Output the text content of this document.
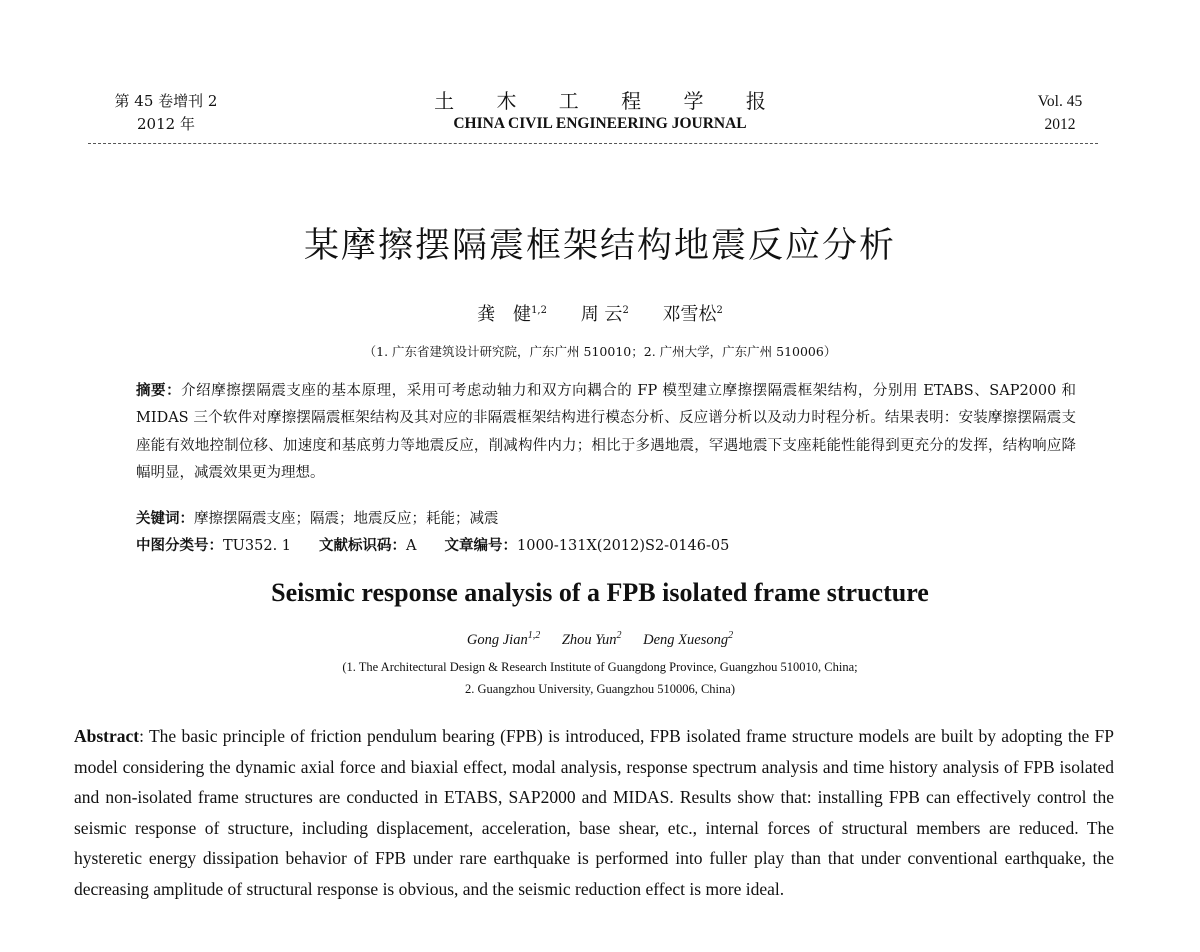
第 45 卷增刊 2
2012 年
土 木 工 程 学 报
CHINA CIVIL ENGINEERING JOURNAL
Vol. 45
2012
某摩擦摆隔震框架结构地震反应分析
龚　健$^{1,2}$ 周 云$^2$ 邓雪松$^2$
（1. 广东省建筑设计研究院，广东广州 510010；2. 广州大学，广东广州 510006）
摘要：介绍摩擦摆隔震支座的基本原理，采用可考虑动轴力和双方向耦合的 FP 模型建立摩擦摆隔震框架结构，分别用 ETABS、SAP2000 和 MIDAS 三个软件对摩擦摆隔震框架结构及其对应的非隔震框架结构进行模态分析、反应谱分析以及动力时程分析。结果表明：安装摩擦摆隔震支座能有效地控制位移、加速度和基底剪力等地震反应，削减构件内力；相比于多遇地震，罕遇地震下支座耗能性能得到更充分的发挥，结构响应降幅明显，减震效果更为理想。
关键词：摩擦摆隔震支座；隔震；地震反应；耗能；减震
中图分类号：TU352. 1 文献标识码：A 文章编号：1000-131X(2012)S2-0146-05
Seismic response analysis of a FPB isolated frame structure
Gong Jian$^{1,2}$ Zhou Yun$^2$ Deng Xuesong$^2$
(1. The Architectural Design & Research Institute of Guangdong Province, Guangzhou 510010, China;
2. Guangzhou University, Guangzhou 510006, China)
Abstract: The basic principle of friction pendulum bearing (FPB) is introduced, FPB isolated frame structure models are built by adopting the FP model considering the dynamic axial force and biaxial effect, modal analysis, response spectrum analysis and time history analysis of FPB isolated and non-isolated frame structures are conducted in ETABS, SAP2000 and MIDAS. Results show that: installing FPB can effectively control the seismic response of structure, including displacement, acceleration, base shear, etc., internal forces of structural members are reduced. The hysteretic energy dissipation behavior of FPB under rare earthquake is performed into fuller play than that under conventional earthquake, the decreasing amplitude of structural response is obvious, and the seismic reduction effect is more ideal.
